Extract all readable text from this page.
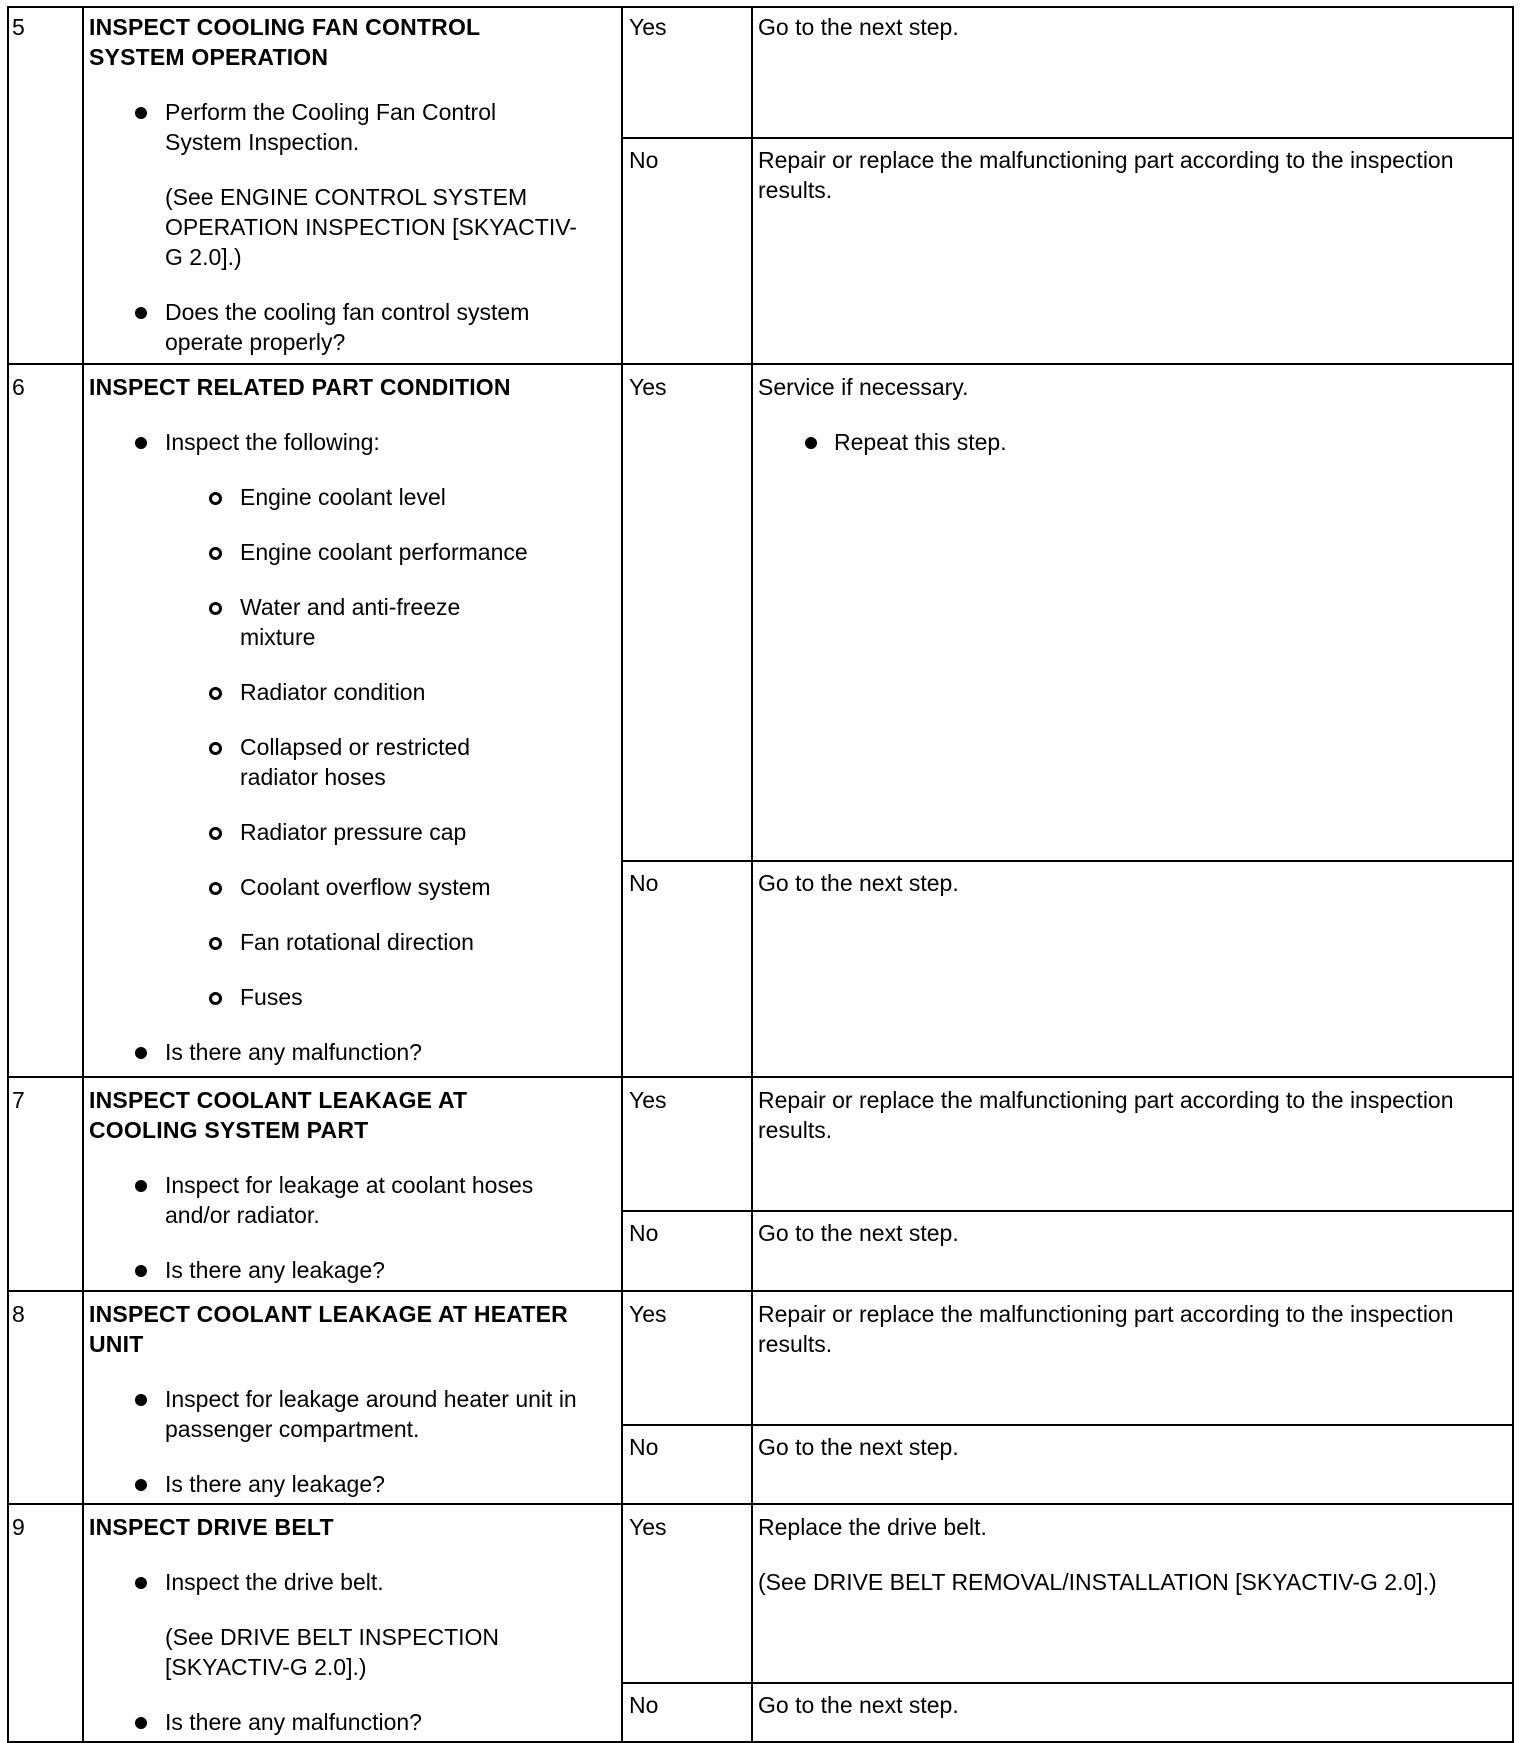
5	INSPECT COOLING FAN CONTROL SYSTEM OPERATION
Perform the Cooling Fan Control System Inspection.
(See ENGINE CONTROL SYSTEM OPERATION INSPECTION [SKYACTIV-G 2.0].)
Does the cooling fan control system operate properly?
Yes	Go to the next step.
No	Repair or replace the malfunctioning part according to the inspection results.
6	INSPECT RELATED PART CONDITION
Inspect the following:
Engine coolant level
Engine coolant performance
Water and anti-freeze mixture
Radiator condition
Collapsed or restricted radiator hoses
Radiator pressure cap
Coolant overflow system
Fan rotational direction
Fuses
Is there any malfunction?
Yes	Service if necessary.
Repeat this step.
No	Go to the next step.
7	INSPECT COOLANT LEAKAGE AT COOLING SYSTEM PART
Inspect for leakage at coolant hoses and/or radiator.
Is there any leakage?
Yes	Repair or replace the malfunctioning part according to the inspection results.
No	Go to the next step.
8	INSPECT COOLANT LEAKAGE AT HEATER UNIT
Inspect for leakage around heater unit in passenger compartment.
Is there any leakage?
Yes	Repair or replace the malfunctioning part according to the inspection results.
No	Go to the next step.
9	INSPECT DRIVE BELT
Inspect the drive belt.
(See DRIVE BELT INSPECTION [SKYACTIV-G 2.0].)
Is there any malfunction?
Yes	Replace the drive belt.
(See DRIVE BELT REMOVAL/INSTALLATION [SKYACTIV-G 2.0].)
No	Go to the next step.
